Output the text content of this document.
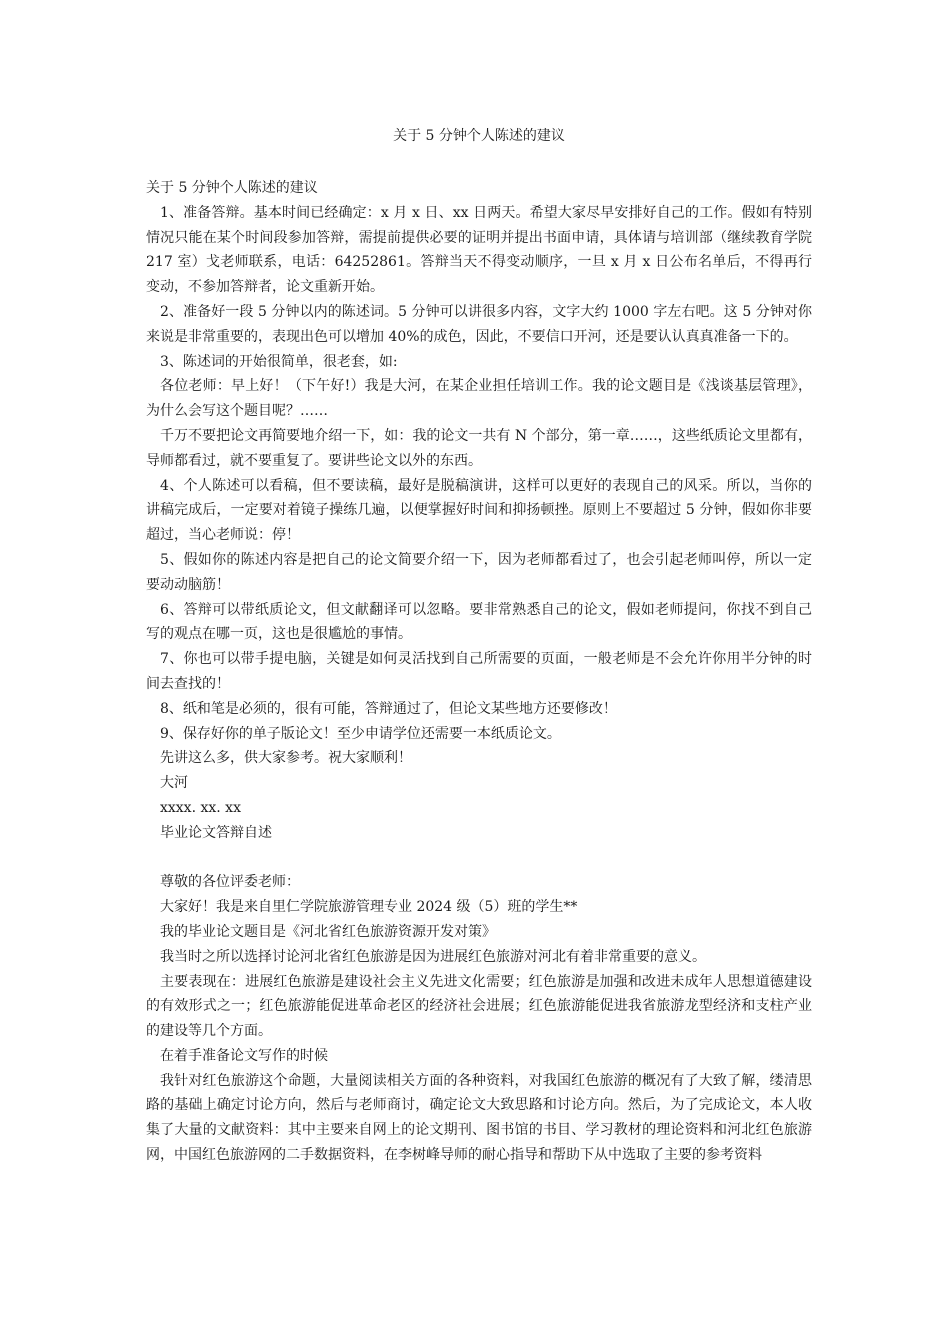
关于 5 分钟个人陈述的建议

关于 5 分钟个人陈述的建议

1、准备答辩。基本时间已经确定：x 月 x 日、xx 日两天。希望大家尽早安排好自己的工作。假如有特别情况只能在某个时间段参加答辩，需提前提供必要的证明并提出书面申请，具体请与培训部（继续教育学院 217 室）戈老师联系，电话：64252861。答辩当天不得变动顺序，一旦 x 月 x 日公布名单后，不得再行变动，不参加答辩者，论文重新开始。

2、准备好一段 5 分钟以内的陈述词。5 分钟可以讲很多内容，文字大约 1000 字左右吧。这 5 分钟对你来说是非常重要的，表现出色可以增加 40%的成色，因此，不要信口开河，还是要认认真真准备一下的。

3、陈述词的开始很简单，很老套，如:

各位老师：早上好！（下午好!）我是大河，在某企业担任培训工作。我的论文题目是《浅谈基层管理》，为什么会写这个题目呢？……

千万不要把论文再简要地介绍一下，如：我的论文一共有 N 个部分，第一章……，这些纸质论文里都有，导师都看过，就不要重复了。要讲些论文以外的东西。

4、个人陈述可以看稿，但不要读稿，最好是脱稿演讲，这样可以更好的表现自己的风采。所以，当你的讲稿完成后，一定要对着镜子操练几遍，以便掌握好时间和抑扬顿挫。原则上不要超过 5 分钟，假如你非要超过，当心老师说：停！

5、假如你的陈述内容是把自己的论文简要介绍一下，因为老师都看过了，也会引起老师叫停，所以一定要动动脑筋！

6、答辩可以带纸质论文，但文献翻译可以忽略。要非常熟悉自己的论文，假如老师提问，你找不到自己写的观点在哪一页，这也是很尴尬的事情。

7、你也可以带手提电脑，关键是如何灵活找到自己所需要的页面，一般老师是不会允许你用半分钟的时间去查找的！

8、纸和笔是必须的，很有可能，答辩通过了，但论文某些地方还要修改！

9、保存好你的单子版论文！至少申请学位还需要一本纸质论文。

先讲这么多，供大家参考。祝大家顺利！

大河

xxxx. xx. xx

毕业论文答辩自述

尊敬的各位评委老师：

大家好！我是来自里仁学院旅游管理专业 2024 级（5）班的学生**

我的毕业论文题目是《河北省红色旅游资源开发对策》

我当时之所以选择讨论河北省红色旅游是因为进展红色旅游对河北有着非常重要的意义。

主要表现在：进展红色旅游是建设社会主义先进文化需要；红色旅游是加强和改进未成年人思想道德建设的有效形式之一；红色旅游能促进革命老区的经济社会进展；红色旅游能促进我省旅游龙型经济和支柱产业的建设等几个方面。

在着手准备论文写作的时候

我针对红色旅游这个命题，大量阅读相关方面的各种资料，对我国红色旅游的概况有了大致了解，缕清思路的基础上确定讨论方向，然后与老师商讨，确定论文大致思路和讨论方向。然后，为了完成论文，本人收集了大量的文献资料：其中主要来自网上的论文期刊、图书馆的书目、学习教材的理论资料和河北红色旅游网，中国红色旅游网的二手数据资料，在李树峰导师的耐心指导和帮助下从中选取了主要的参考资料
